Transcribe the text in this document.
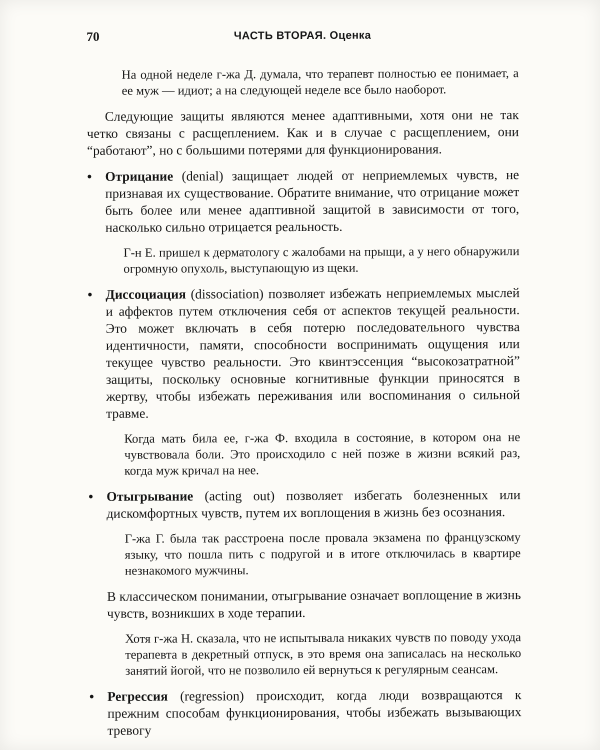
70	ЧАСТЬ ВТОРАЯ. Оценка

На одной неделе г-жа Д. думала, что терапевт полностью ее понимает, а ее муж — идиот; а на следующей неделе все было наоборот.

Следующие защиты являются менее адаптивными, хотя они не так четко связаны с расщеплением. Как и в случае с расщеплением, они “работают”, но с большими потерями для функционирования.

• Отрицание (denial) защищает людей от неприемлемых чувств, не признавая их существование. Обратите внимание, что отрицание может быть более или менее адаптивной защитой в зависимости от того, насколько сильно отрицается реальность.

Г-н Е. пришел к дерматологу с жалобами на прыщи, а у него обнаружили огромную опухоль, выступающую из щеки.

• Диссоциация (dissociation) позволяет избежать неприемлемых мыслей и аффектов путем отключения себя от аспектов текущей реальности. Это может включать в себя потерю последовательного чувства идентичности, памяти, способности воспринимать ощущения или текущее чувство реальности. Это квинтэссенция “высокозатратной” защиты, поскольку основные когнитивные функции приносятся в жертву, чтобы избежать переживания или воспоминания о сильной травме.

Когда мать била ее, г-жа Ф. входила в состояние, в котором она не чувствовала боли. Это происходило с ней позже в жизни всякий раз, когда муж кричал на нее.

• Отыгрывание (acting out) позволяет избегать болезненных или дискомфортных чувств, путем их воплощения в жизнь без осознания.

Г-жа Г. была так расстроена после провала экзамена по французскому языку, что пошла пить с подругой и в итоге отключилась в квартире незнакомого мужчины.

В классическом понимании, отыгрывание означает воплощение в жизнь чувств, возникших в ходе терапии.

Хотя г-жа Н. сказала, что не испытывала никаких чувств по поводу ухода терапевта в декретный отпуск, в это время она записалась на несколько занятий йогой, что не позволило ей вернуться к регулярным сеансам.

• Регрессия (regression) происходит, когда люди возвращаются к прежним способам функционирования, чтобы избежать вызывающих тревогу
